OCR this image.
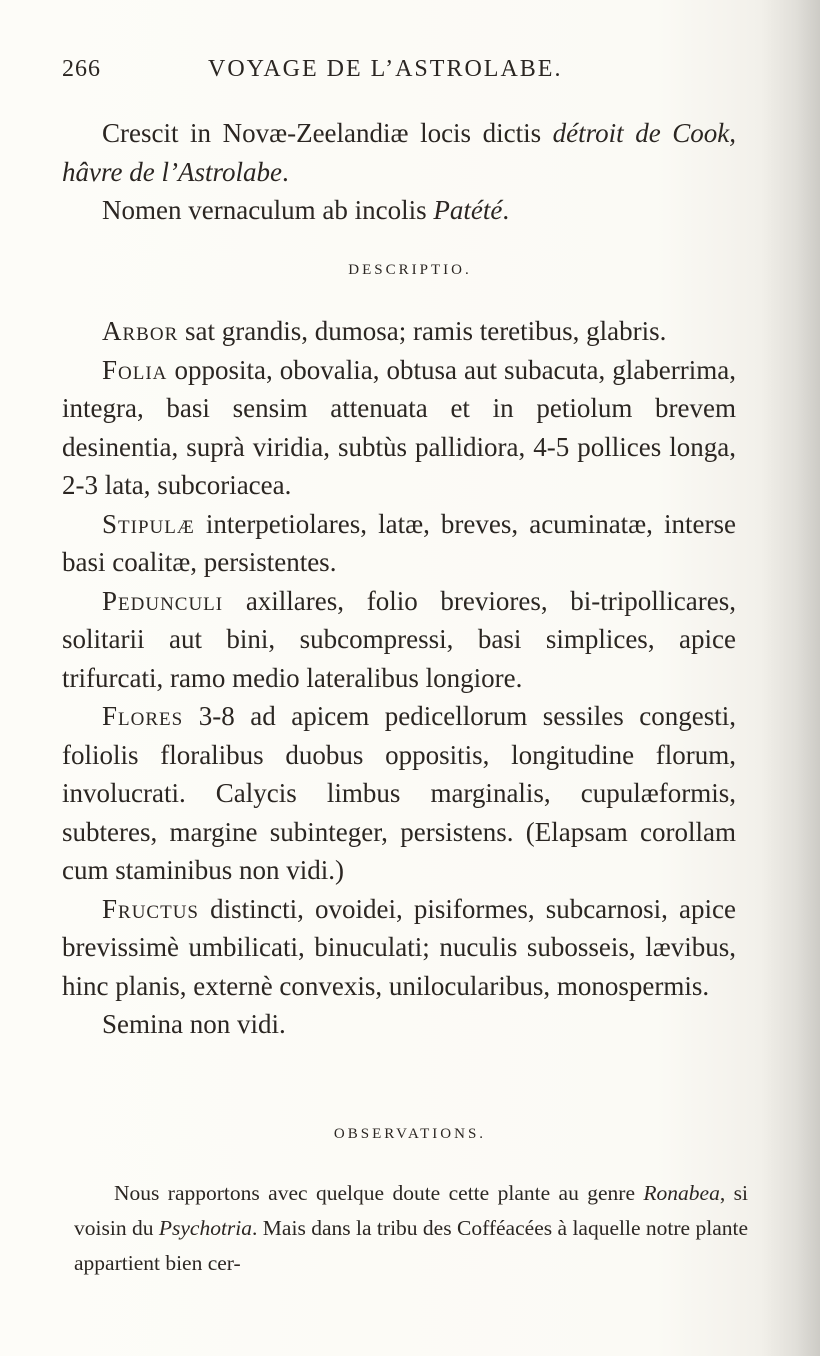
266	VOYAGE DE L’ASTROLABE.

Crescit in Novæ-Zeelandiæ locis dictis détroit de Cook, hâvre de l’Astrolabe.

Nomen vernaculum ab incolis Patété.

DESCRIPTIO.

Arbor sat grandis, dumosa; ramis teretibus, glabris.

Folia opposita, obovalia, obtusa aut subacuta, glaberrima, integra, basi sensim attenuata et in petiolum brevem desinentia, suprà viridia, subtùs pallidiora, 4-5 pollices longa, 2-3 lata, subcoriacea.

Stipulæ interpetiolares, latæ, breves, acuminatæ, interse basi coalitæ, persistentes.

Pedunculi axillares, folio breviores, bi-tripollicares, solitarii aut bini, subcompressi, basi simplices, apice trifurcati, ramo medio lateralibus longiore.

Flores 3-8 ad apicem pedicellorum sessiles congesti, foliolis floralibus duobus oppositis, longitudine florum, involucrati. Calycis limbus marginalis, cupulæformis, subteres, margine subinteger, persistens. (Elapsam corollam cum staminibus non vidi.)

Fructus distincti, ovoidei, pisiformes, subcarnosi, apice brevissimè umbilicati, binuculati; nuculis subosseis, lævibus, hinc planis, externè convexis, unilocularibus, monospermis.

Semina non vidi.

OBSERVATIONS.

Nous rapportons avec quelque doute cette plante au genre Ronabea, si voisin du Psychotria. Mais dans la tribu des Cofféacées à laquelle notre plante appartient bien cer-
